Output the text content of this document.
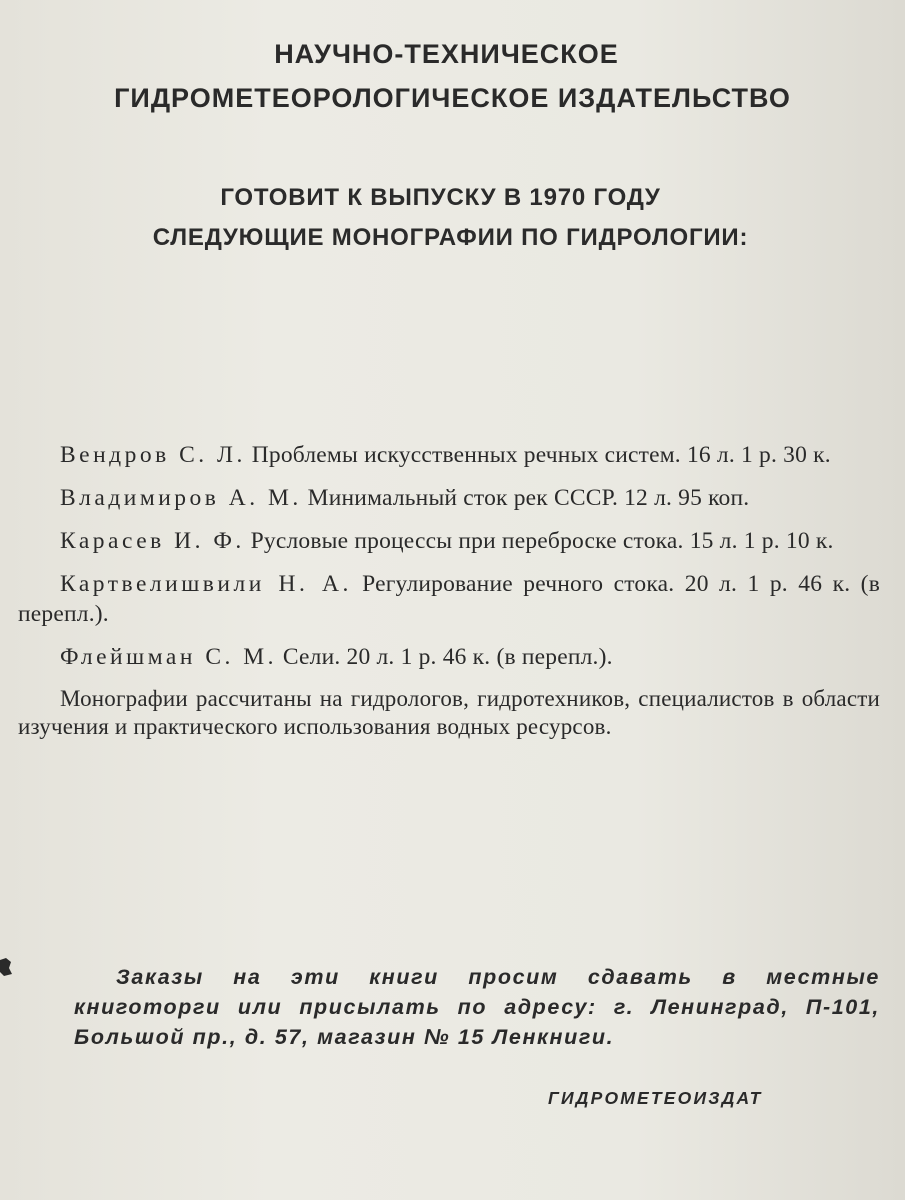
НАУЧНО-ТЕХНИЧЕСКОЕ
ГИДРОМЕТЕОРОЛОГИЧЕСКОЕ ИЗДАТЕЛЬСТВО
ГОТОВИТ К ВЫПУСКУ В 1970 ГОДУ
СЛЕДУЮЩИЕ МОНОГРАФИИ ПО ГИДРОЛОГИИ:
Вендров С. Л. Проблемы искусственных речных систем. 16 л. 1 р. 30 к.
Владимиров А. М. Минимальный сток рек СССР. 12 л. 95 коп.
Карасев И. Ф. Русловые процессы при переброске стока. 15 л. 1 р. 10 к.
Картвелишвили Н. А. Регулирование речного стока. 20 л. 1 р. 46 к. (в перепл.).
Флейшман С. М. Сели. 20 л. 1 р. 46 к. (в перепл.).
Монографии рассчитаны на гидрологов, гидротехников, специалистов в области изучения и практического использования водных ресурсов.
Заказы на эти книги просим сдавать в местные книготорги или присылать по адресу: г. Ленинград, П-101, Большой пр., д. 57, магазин № 15 Ленкниги.
ГИДРОМЕТЕОИЗДАТ
